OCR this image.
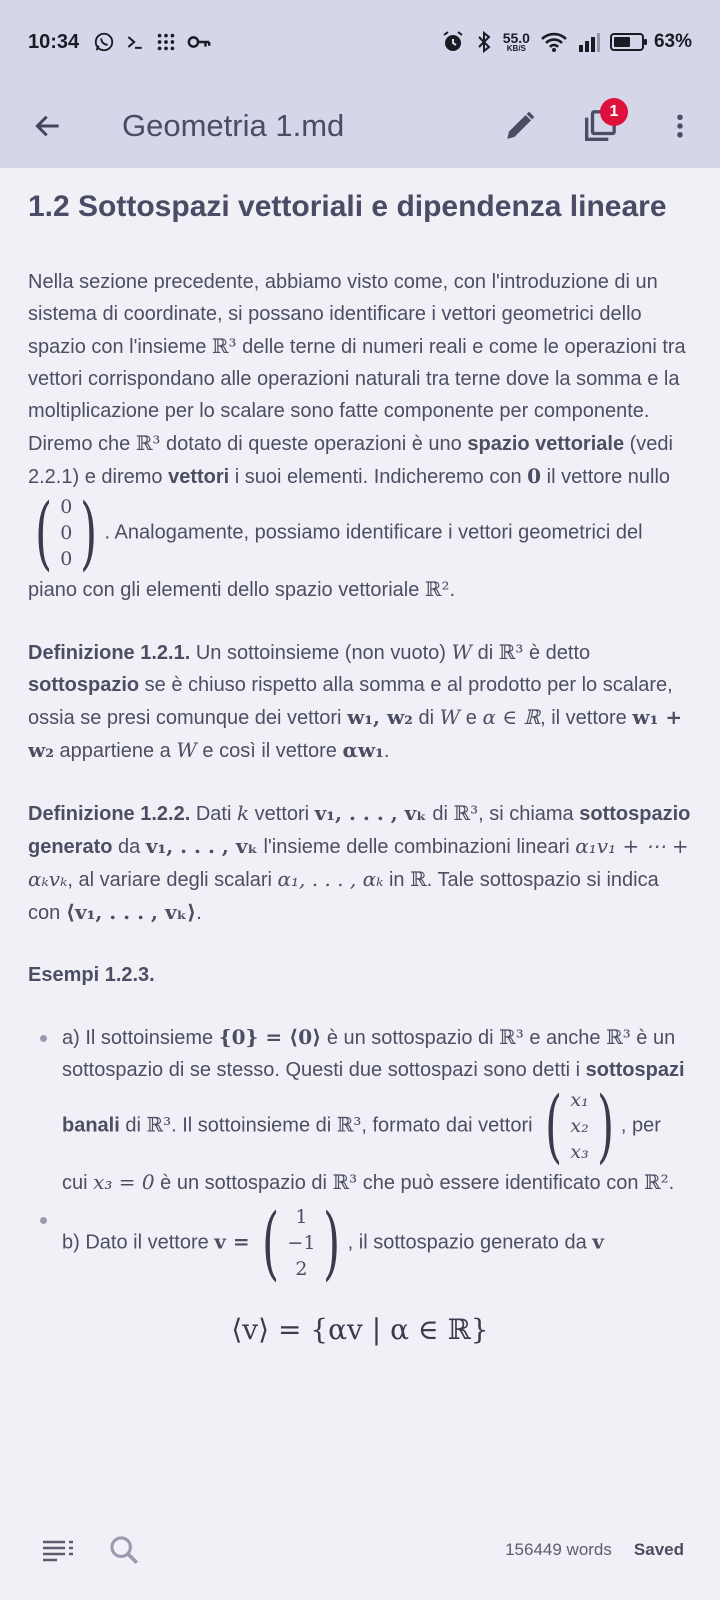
10:34	55.0
KB/S	63%
Geometria 1.md	1
1.2 Sottospazi vettoriali e dipendenza lineare

Nella sezione precedente, abbiamo visto come, con l'introduzione di un sistema di coordinate, si possano identificare i vettori geometrici dello spazio con l'insieme ℝ³ delle terne di numeri reali e come le operazioni tra vettori corrispondano alle operazioni naturali tra terne dove la somma e la moltiplicazione per lo scalare sono fatte componente per componente. Diremo che ℝ³ dotato di queste operazioni è uno spazio vettoriale (vedi 2.2.1) e diremo vettori i suoi elementi. Indicheremo con 0 il vettore nullo
( 0
0
0 ) . Analogamente, possiamo identificare i vettori geometrici del piano con gli elementi dello spazio vettoriale ℝ².

Definizione 1.2.1. Un sottoinsieme (non vuoto) W di ℝ³ è detto sottospazio se è chiuso rispetto alla somma e al prodotto per lo scalare, ossia se presi comunque dei vettori w₁, w₂ di W e α ∈ ℝ, il vettore w₁ + w₂ appartiene a W e così il vettore αw₁.

Definizione 1.2.2. Dati k vettori v₁, . . . , vₖ di ℝ³, si chiama sottospazio generato da v₁, . . . , vₖ l'insieme delle combinazioni lineari α₁v₁ + ⋯ + αₖvₖ, al variare degli scalari α₁, . . . , αₖ in ℝ. Tale sottospazio si indica con ⟨v₁, . . . , vₖ⟩.

Esempi 1.2.3.

a) Il sottoinsieme {0} = ⟨0⟩ è un sottospazio di ℝ³ e anche ℝ³ è un sottospazio di se stesso. Questi due sottospazi sono detti i sottospazi banali di ℝ³. Il sottoinsieme di ℝ³, formato dai vettori ( x₁
x₂
x₃ ) , per cui x₃ = 0 è un sottospazio di ℝ³ che può essere identificato con ℝ².
b) Dato il vettore v = ( 1
−1
2 ) , il sottospazio generato da v
⟨v⟩ = {αv | α ∈ ℝ}
156449 words Saved
